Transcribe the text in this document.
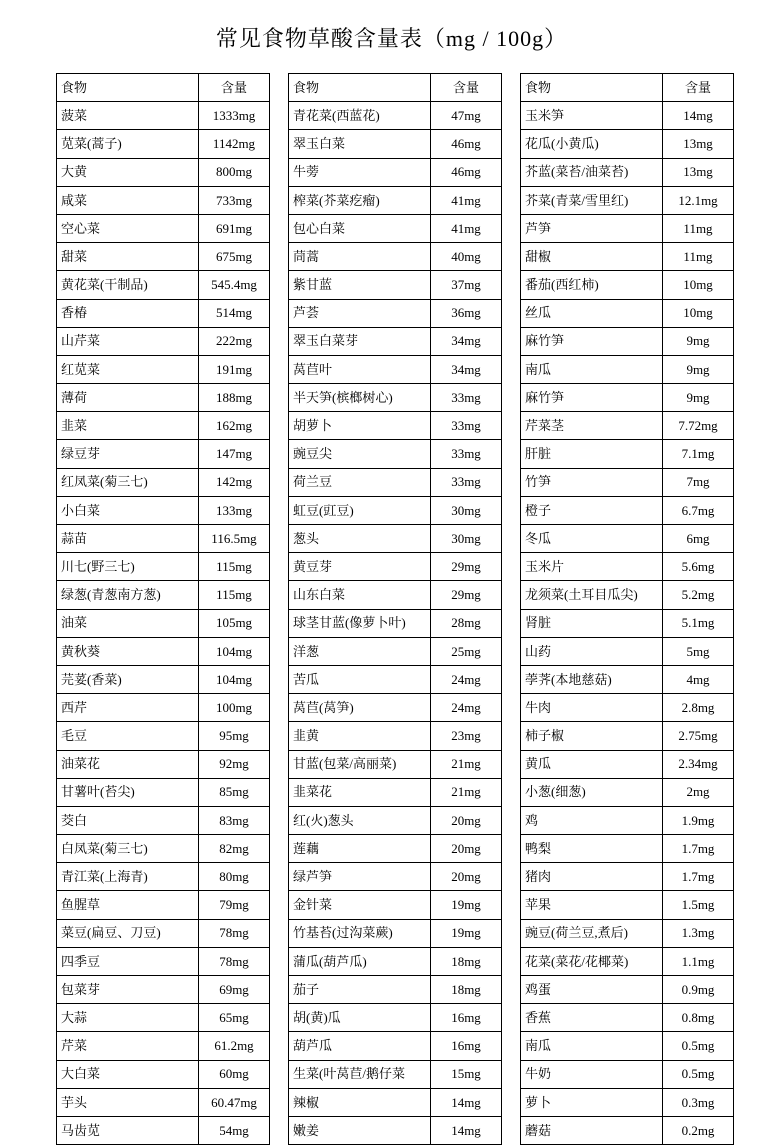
常见食物草酸含量表（mg / 100g）
食物	含量
菠菜	1333mg
苋菜(蒿子)	1142mg
大黄	800mg
咸菜	733mg
空心菜	691mg
甜菜	675mg
黄花菜(干制品)	545.4mg
香椿	514mg
山芹菜	222mg
红苋菜	191mg
薄荷	188mg
韭菜	162mg
绿豆芽	147mg
红凤菜(菊三七)	142mg
小白菜	133mg
蒜苗	116.5mg
川七(野三七)	115mg
绿葱(青葱南方葱)	115mg
油菜	105mg
黄秋葵	104mg
芫荽(香菜)	104mg
西芹	100mg
毛豆	95mg
油菜花	92mg
甘薯叶(苔尖)	85mg
茭白	83mg
白凤菜(菊三七)	82mg
青江菜(上海青)	80mg
鱼腥草	79mg
菜豆(扁豆、刀豆)	78mg
四季豆	78mg
包菜芽	69mg
大蒜	65mg
芹菜	61.2mg
大白菜	60mg
芋头	60.47mg
马齿苋	54mg
食物	含量
青花菜(西蓝花)	47mg
翠玉白菜	46mg
牛蒡	46mg
榨菜(芥菜疙瘤)	41mg
包心白菜	41mg
茼蒿	40mg
紫甘蓝	37mg
芦荟	36mg
翠玉白菜芽	34mg
莴苣叶	34mg
半天笋(槟榔树心)	33mg
胡萝卜	33mg
豌豆尖	33mg
荷兰豆	33mg
虹豆(豇豆)	30mg
葱头	30mg
黄豆芽	29mg
山东白菜	29mg
球茎甘蓝(像萝卜叶)	28mg
洋葱	25mg
苦瓜	24mg
莴苣(莴笋)	24mg
韭黄	23mg
甘蓝(包菜/高丽菜)	21mg
韭菜花	21mg
红(火)葱头	20mg
莲藕	20mg
绿芦笋	20mg
金针菜	19mg
竹基苔(过沟菜蕨)	19mg
蒲瓜(葫芦瓜)	18mg
茄子	18mg
胡(黄)瓜	16mg
葫芦瓜	16mg
生菜(叶莴苣/鹅仔菜	15mg
辣椒	14mg
嫩姜	14mg
食物	含量
玉米笋	14mg
花瓜(小黄瓜)	13mg
芥蓝(菜苔/油菜苔)	13mg
芥菜(青菜/雪里红)	12.1mg
芦笋	11mg
甜椒	11mg
番茄(西红柿)	10mg
丝瓜	10mg
麻竹笋	9mg
南瓜	9mg
麻竹笋	9mg
芹菜茎	7.72mg
肝脏	7.1mg
竹笋	7mg
橙子	6.7mg
冬瓜	6mg
玉米片	5.6mg
龙须菜(土耳目瓜尖)	5.2mg
肾脏	5.1mg
山药	5mg
荸荠(本地慈菇)	4mg
牛肉	2.8mg
柿子椒	2.75mg
黄瓜	2.34mg
小葱(细葱)	2mg
鸡	1.9mg
鸭梨	1.7mg
猪肉	1.7mg
苹果	1.5mg
豌豆(荷兰豆,煮后)	1.3mg
花菜(菜花/花椰菜)	1.1mg
鸡蛋	0.9mg
香蕉	0.8mg
南瓜	0.5mg
牛奶	0.5mg
萝卜	0.3mg
蘑菇	0.2mg
